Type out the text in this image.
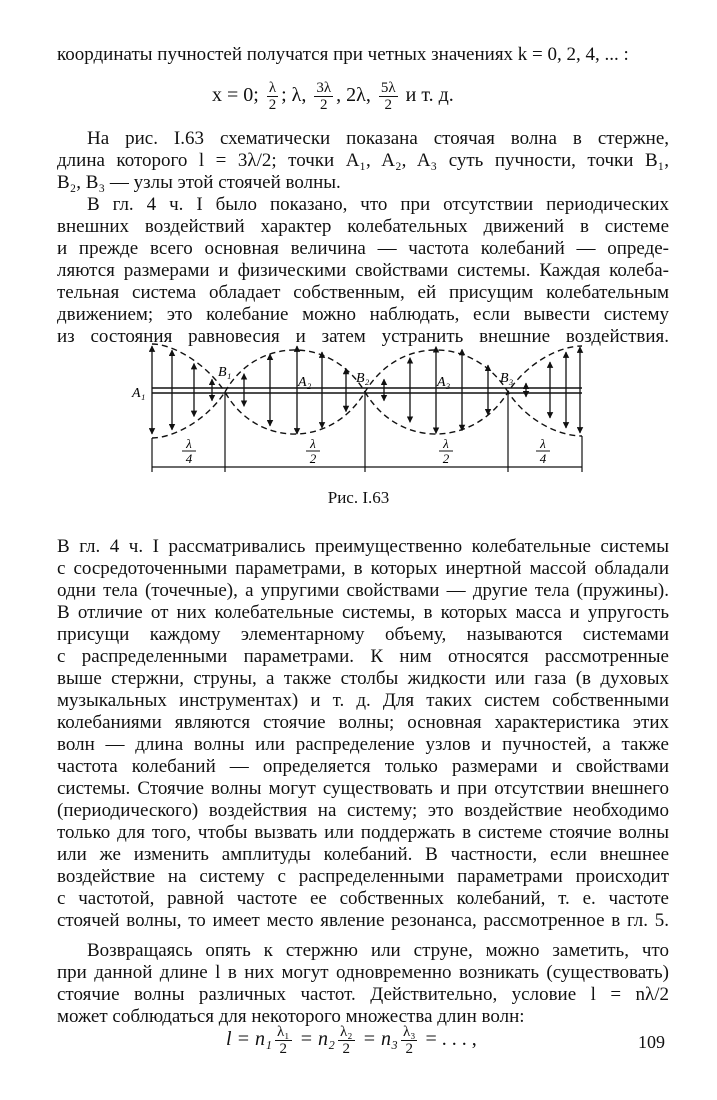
координаты пучностей получатся при четных значениях k = 0, 2, 4, ... :
x = 0; $\frac{\lambda}{2}$ ; λ, $\frac{3\lambda}{2}$ , 2λ, $\frac{5\lambda}{2}$ и т. д.
На рис. I.63 схематически показана стоячая волна в стержне,
длина которого l = 3λ/2; точки A₁, A₂, A₃ суть пучности, точки B₁,
B₂, B₃ — узлы этой стоячей волны.
В гл. 4 ч. I было показано, что при отсутствии периодических
внешних воздействий характер колебательных движений в системе
и прежде всего основная величина — частота колебаний — опреде-
ляются размерами и физическими свойствами системы. Каждая колеба-
тельная система обладает собственным, ей присущим колебательным
движением; это колебание можно наблюдать, если вывести систему
из состояния равновесия и затем устранить внешние воздействия.
A₁
B₁
A₂	B₂	A₃	B₃
λ
4
λ
2
λ
2
λ
4
Рис. I.63
В гл. 4 ч. I рассматривались преимущественно колебательные системы
с сосредоточенными параметрами, в которых инертной массой обладали
одни тела (точечные), а упругими свойствами — другие тела (пружины).
В отличие от них колебательные системы, в которых масса и упругость
присущи каждому элементарному объему, называются системами
с распределенными параметрами. К ним относятся рассмотренные
выше стержни, струны, а также столбы жидкости или газа (в духовых
музыкальных инструментах) и т. д. Для таких систем собственными
колебаниями являются стоячие волны; основная характеристика этих
волн — длина волны или распределение узлов и пучностей, а также
частота колебаний — определяется только размерами и свойствами
системы. Стоячие волны могут существовать и при отсутствии внешнего
(периодического) воздействия на систему; это воздействие необходимо
только для того, чтобы вызвать или поддержать в системе стоячие волны
или же изменить амплитуды колебаний. В частности, если внешнее
воздействие на систему с распределенными параметрами происходит
с частотой, равной частоте ее собственных колебаний, т. е. частоте
стоячей волны, то имеет место явление резонанса, рассмотренное в гл. 5.
Возвращаясь опять к стержню или струне, можно заметить, что
при данной длине l в них могут одновременно возникать (существовать)
стоячие волны различных частот. Действительно, условие l = nλ/2
может соблюдаться для некоторого множества длин волн:
$l = n_1 \frac{\text{λ₁}}{2} = n_2 \frac{\text{λ₂}}{2} = n_3 \frac{\text{λ₃}}{2}$ = . . . ,	109
